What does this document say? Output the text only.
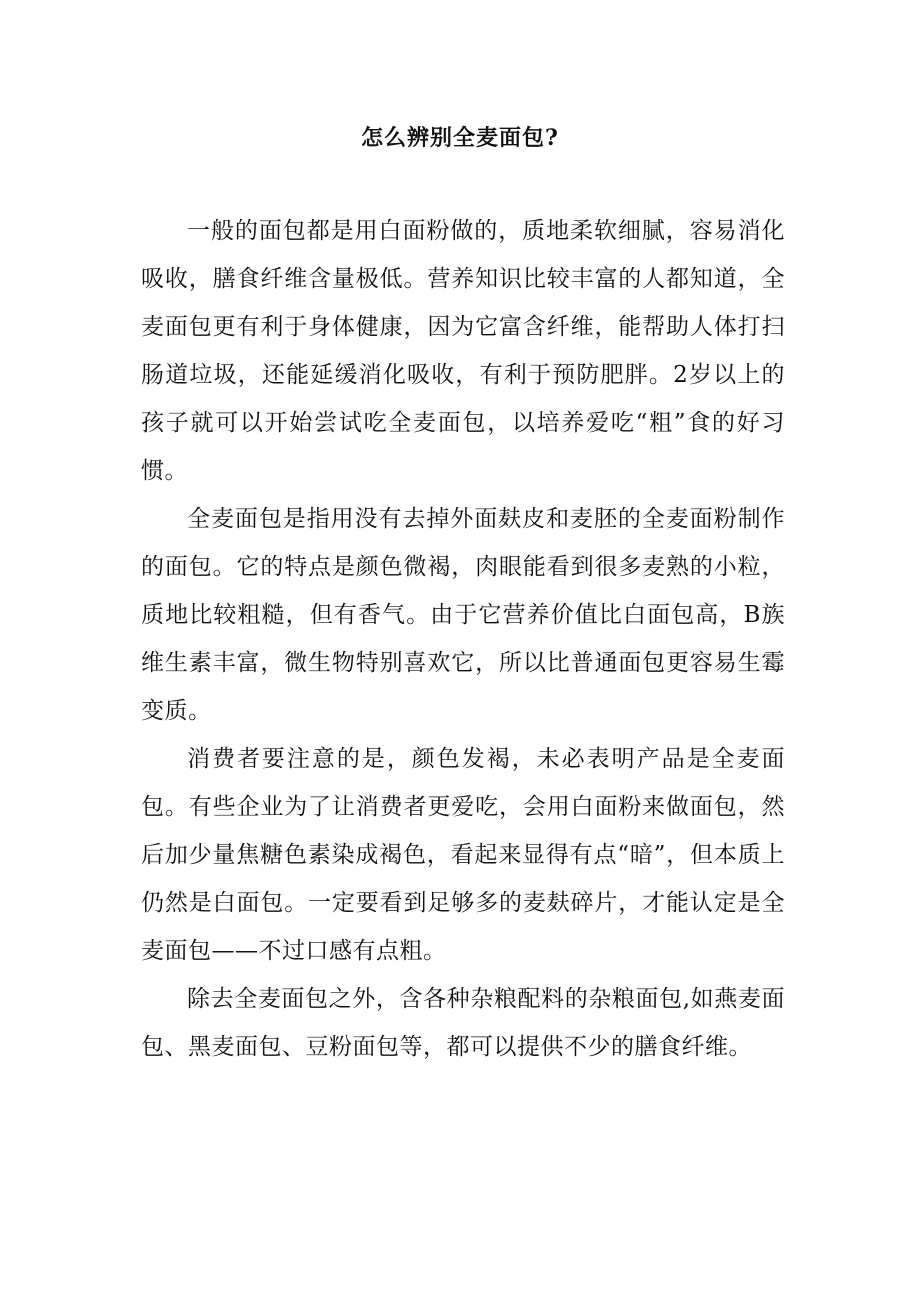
怎么辨别全麦面包?

一般的面包都是用白面粉做的，质地柔软细腻，容易消化吸收，膳食纤维含量极低。营养知识比较丰富的人都知道，全麦面包更有利于身体健康，因为它富含纤维，能帮助人体打扫肠道垃圾，还能延缓消化吸收，有利于预防肥胖。2岁以上的孩子就可以开始尝试吃全麦面包，以培养爱吃“粗”食的好习惯。

全麦面包是指用没有去掉外面麸皮和麦胚的全麦面粉制作的面包。它的特点是颜色微褐，肉眼能看到很多麦熟的小粒，质地比较粗糙，但有香气。由于它营养价值比白面包高，B族维生素丰富，微生物特别喜欢它，所以比普通面包更容易生霉变质。

消费者要注意的是，颜色发褐，未必表明产品是全麦面包。有些企业为了让消费者更爱吃，会用白面粉来做面包，然后加少量焦糖色素染成褐色，看起来显得有点“暗”，但本质上仍然是白面包。一定要看到足够多的麦麸碎片，才能认定是全麦面包——不过口感有点粗。

除去全麦面包之外，含各种杂粮配料的杂粮面包,如燕麦面包、黑麦面包、豆粉面包等，都可以提供不少的膳食纤维。
